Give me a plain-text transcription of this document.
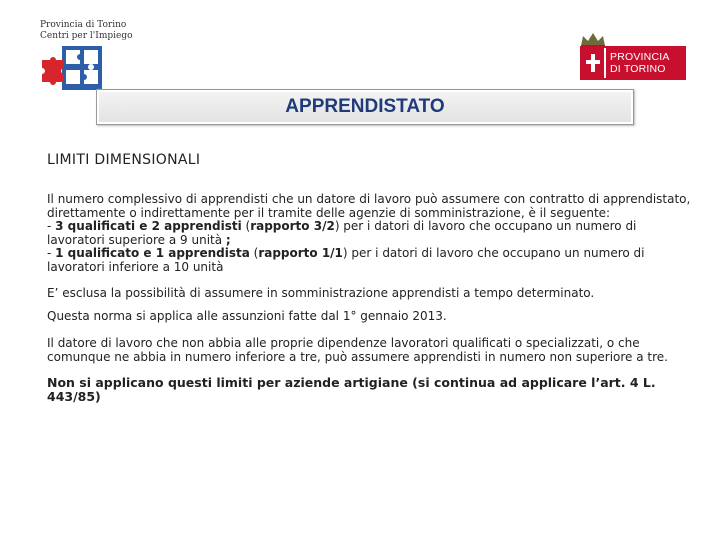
Provincia di Torino
Centri per l'Impiego
PROVINCIA
DI TORINO
APPRENDISTATO
LIMITI DIMENSIONALI

Il numero complessivo di apprendisti che un datore di lavoro può assumere con contratto di apprendistato, direttamente o indirettamente per il tramite delle agenzie di somministrazione, è il seguente:

- 3 qualificati e 2 apprendisti (rapporto 3/2) per i datori di lavoro che occupano un numero di lavoratori superiore a 9 unità ;

- 1 qualificato e 1 apprendista (rapporto 1/1) per i datori di lavoro che occupano un numero di lavoratori inferiore a 10 unità

E’ esclusa la possibilità di assumere in somministrazione apprendisti a tempo determinato.

Questa norma si applica alle assunzioni fatte dal 1° gennaio 2013.

Il datore di lavoro che non abbia alle proprie dipendenze lavoratori qualificati o specializzati, o che comunque ne abbia in numero inferiore a tre, può assumere apprendisti in numero non superiore a tre.

Non si applicano questi limiti per aziende artigiane (si continua ad applicare l’art. 4 L. 443/85)
